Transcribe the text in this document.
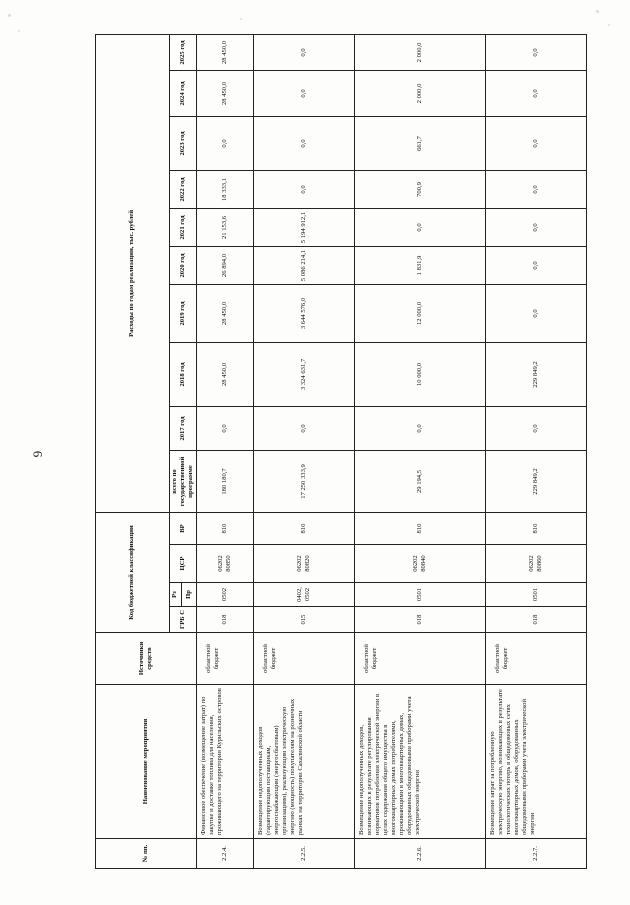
6
№ пп.	Наименование мероприятия	Источники средств	Код бюджетной классификации				Расходы по годам реализации, тыс. рублей									
			ГРБ С	Рз	ЦСР	ВР	всего по государственной программе	2017 год	2018 год	2019 год	2020 год	2021 год	2022 год	2023 год	2024 год	2025 год
				Пр												
2.2.4.	Финансовое обеспечение (возмещение затрат) по закупке и доставке топлива для населения, проживающего на территории Курильских островов	областной бюджет	018	0502	06202 80850	810	180 180,7	0,0	28 450,0	28 450,0	26 894,0	21 153,6	18 333,1	0,0	28 450,0	28 450,0
2.2.5.	Возмещение недополученных доходов (гарантирующим поставщикам, энергоснабжающим (энергосбытовым) организациям), реализующим электрическую энергию (мощность) покупателям на розничных рынках на территории Сахалинской области	областной бюджет	015	0402, 0502	06202 80820	810	17 250 333,9	0,0	3 324 631,7	3 644 576,0	5 086 214,1	5 194 912,1	0,0	0,0	0,0	0,0
2.2.6.	Возмещение недополученных доходов, возникающих в результате регулирования нормативов потребления электрической энергии в целях содержания общего имущества в многоквартирных домах потребителями, проживающими в многоквартирных домах, оборудованных общедомовыми приборами учета электрической энергии	областной бюджет	018	0501	06202 80840	810	29 194,5	0,0	10 000,0	12 000,0	1 831,9	0,0	700,9	661,7	2 000,0	2 000,0
2.2.7.	Возмещение затрат за потребленную электрическую энергию, возникающих в результате технологических потерь в общедомовых сетях многоквартирных домов, оборудованных общедомовыми приборами учета электрической энергии	областной бюджет	018	0501	06202 80860	810	229 849,2	0,0	229 849,2	0,0	0,0	0,0	0,0	0,0	0,0	0,0
